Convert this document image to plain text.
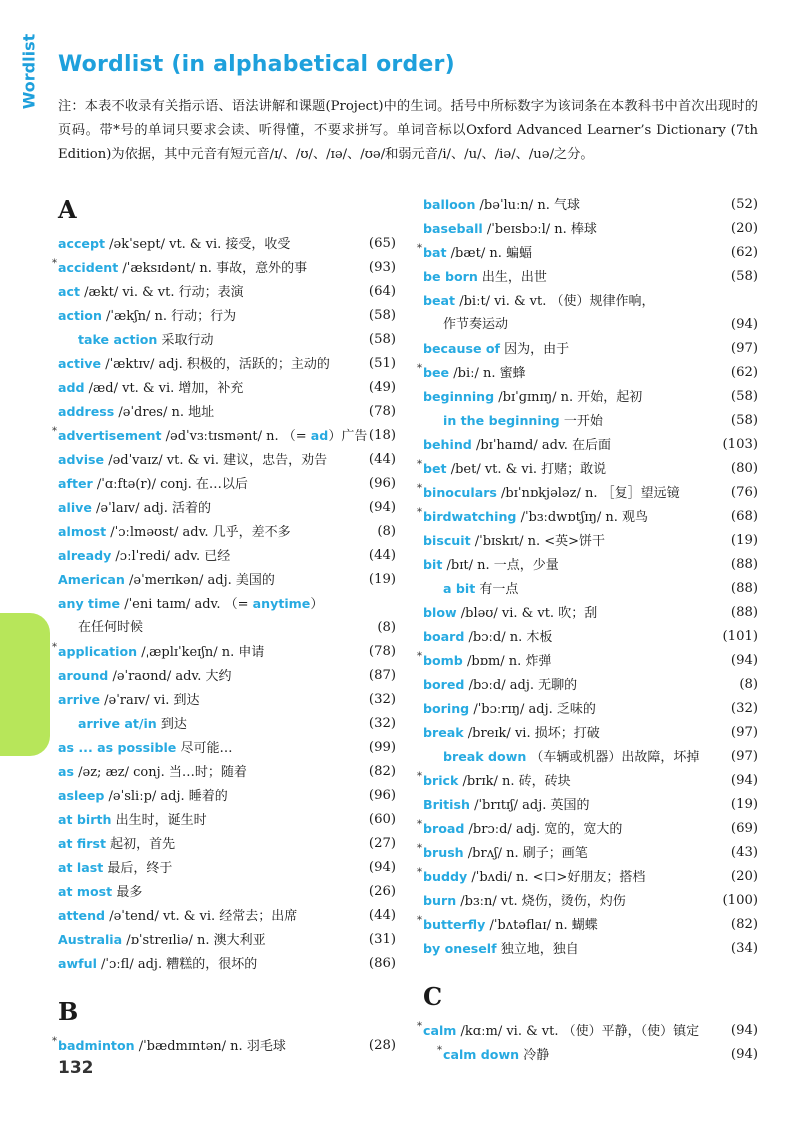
Wordlist (in alphabetical order)
注：本表不收录有关指示语、语法讲解和课题(Project)中的生词。括号中所标数字为该词条在本教科书中首次出现时的页码。带*号的单词只要求会读、听得懂，不要求拼写。单词音标以Oxford Advanced Learner’s Dictionary (7th Edition)为依据，其中元音有短元音/ɪ/、/ʊ/、/ɪə/、/ʊə/和弱元音/i/、/u/、/iə/、/uə/之分。
A
accept /əkˈsept/ vt. & vi. 接受，收受	(65)
* accident /ˈæksɪdənt/ n. 事故，意外的事	(93)
act /ækt/ vi. & vt. 行动；表演	(64)
action /ˈækʃn/ n. 行动；行为	(58)
take action 采取行动	(58)
active /ˈæktɪv/ adj. 积极的，活跃的；主动的	(51)
add /æd/ vt. & vi. 增加，补充	(49)
address /əˈdres/ n. 地址	(78)
* advertisement /ədˈvɜːtɪsmənt/ n. （= ad）广告 (18)
advise /ədˈvaɪz/ vt. & vi. 建议，忠告，劝告	(44)
after /ˈɑːftə(r)/ conj. 在…以后	(96)
alive /əˈlaɪv/ adj. 活着的	(94)
almost /ˈɔːlməʊst/ adv. 几乎，差不多	(8)
already /ɔːlˈredi/ adv. 已经	(44)
American /əˈmerɪkən/ adj. 美国的	(19)
any time /ˈeni taɪm/ adv. （= anytime）
在任何时候	(8)
* application /ˌæplɪˈkeɪʃn/ n. 申请	(78)
around /əˈraʊnd/ adv. 大约	(87)
arrive /əˈraɪv/ vi. 到达	(32)
arrive at/in 到达	(32)
as ... as possible 尽可能…	(99)
as /əz; æz/ conj. 当…时；随着	(82)
asleep /əˈsliːp/ adj. 睡着的	(96)
at birth 出生时，诞生时	(60)
at first 起初，首先	(27)
at last 最后，终于	(94)
at most 最多	(26)
attend /əˈtend/ vt. & vi. 经常去；出席	(44)
Australia /ɒˈstreɪliə/ n. 澳大利亚	(31)
awful /ˈɔːfl/ adj. 糟糕的，很坏的	(86)
B
* badminton /ˈbædmɪntən/ n. 羽毛球	(28)
balloon /bəˈluːn/ n. 气球	(52)
baseball /ˈbeɪsbɔːl/ n. 棒球	(20)
* bat /bæt/ n. 蝙蝠	(62)
be born 出生，出世	(58)
beat /biːt/ vi. & vt. （使）规律作响，
作节奏运动	(94)
because of 因为，由于	(97)
* bee /biː/ n. 蜜蜂	(62)
beginning /bɪˈɡɪnɪŋ/ n. 开始，起初	(58)
in the beginning 一开始	(58)
behind /bɪˈhaɪnd/ adv. 在后面	(103)
* bet /bet/ vt. & vi. 打赌；敢说	(80)
* binoculars /bɪˈnɒkjələz/ n. ［复］望远镜	(76)
* birdwatching /ˈbɜːdwɒtʃɪŋ/ n. 观鸟	(68)
biscuit /ˈbɪskɪt/ n. <英>饼干	(19)
bit /bɪt/ n. 一点，少量	(88)
a bit 有一点	(88)
blow /bləʊ/ vi. & vt. 吹；刮	(88)
board /bɔːd/ n. 木板	(101)
* bomb /bɒm/ n. 炸弹	(94)
bored /bɔːd/ adj. 无聊的	(8)
boring /ˈbɔːrɪŋ/ adj. 乏味的	(32)
break /breɪk/ vi. 损坏；打破	(97)
break down （车辆或机器）出故障，坏掉 (97)
* brick /brɪk/ n. 砖，砖块	(94)
British /ˈbrɪtɪʃ/ adj. 英国的	(19)
* broad /brɔːd/ adj. 宽的，宽大的	(69)
* brush /brʌʃ/ n. 刷子；画笔	(43)
* buddy /ˈbʌdi/ n. <口>好朋友；搭档	(20)
burn /bɜːn/ vt. 烧伤，烫伤，灼伤	(100)
* butterfly /ˈbʌtəflaɪ/ n. 蝴蝶	(82)
by oneself 独立地，独自	(34)
C
* calm /kɑːm/ vi. & vt. （使）平静，（使）镇定 (94)
* calm down 冷静	(94)
Wordlist
132
